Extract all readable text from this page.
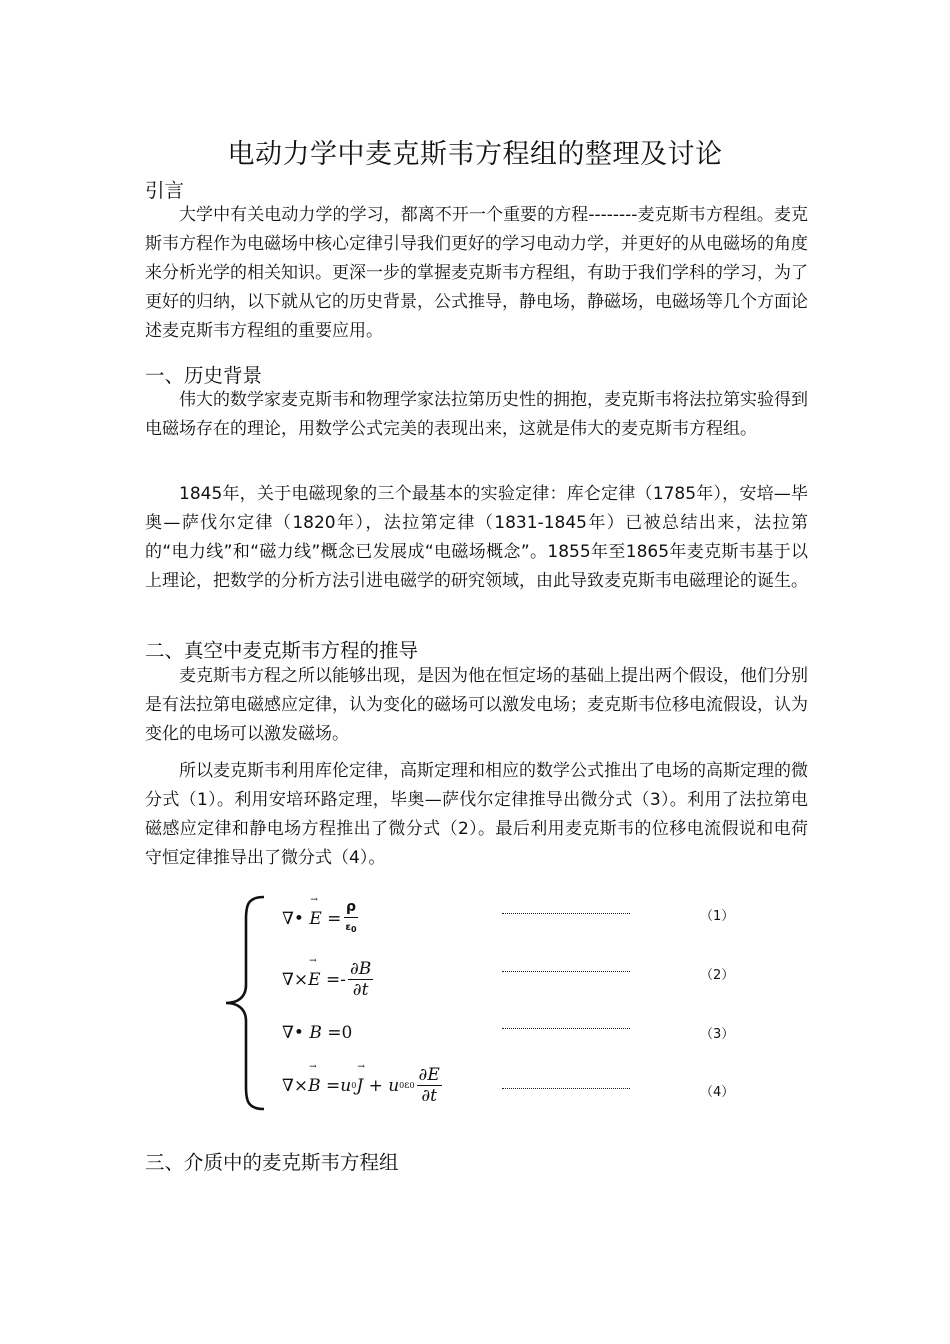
电动力学中麦克斯韦方程组的整理及讨论
引言

大学中有关电动力学的学习，都离不开一个重要的方程--------麦克斯韦方程组。麦克斯韦方程作为电磁场中核心定律引导我们更好的学习电动力学，并更好的从电磁场的角度来分析光学的相关知识。更深一步的掌握麦克斯韦方程组，有助于我们学科的学习，为了更好的归纳，以下就从它的历史背景，公式推导，静电场，静磁场，电磁场等几个方面论述麦克斯韦方程组的重要应用。

一、历史背景

伟大的数学家麦克斯韦和物理学家法拉第历史性的拥抱，麦克斯韦将法拉第实验得到电磁场存在的理论，用数学公式完美的表现出来，这就是伟大的麦克斯韦方程组。

1845年，关于电磁现象的三个最基本的实验定律：库仑定律（1785年），安培—毕奥—萨伐尔定律（1820年），法拉第定律（1831-1845年）已被总结出来，法拉第的“电力线”和“磁力线”概念已发展成“电磁场概念”。1855年至1865年麦克斯韦基于以上理论，把数学的分析方法引进电磁学的研究领域，由此导致麦克斯韦电磁理论的诞生。

二、真空中麦克斯韦方程的推导

麦克斯韦方程之所以能够出现，是因为他在恒定场的基础上提出两个假设，他们分别是有法拉第电磁感应定律，认为变化的磁场可以激发电场；麦克斯韦位移电流假设，认为变化的电场可以激发磁场。

所以麦克斯韦利用库伦定律，高斯定理和相应的数学公式推出了电场的高斯定理的微分式（1）。利用安培环路定理，毕奥—萨伐尔定律推导出微分式（3）。利用了法拉第电磁感应定律和静电场方程推出了微分式（2）。最后利用麦克斯韦的位移电流假说和电荷守恒定律推导出了微分式（4）。

∇ •
→ E
= $\frac{\rho}{\varepsilon_0}$	（1）
∇ × → E
= - $\frac{\partial B}{\partial t}$	（2）
∇ •
B
= 0	（3）
∇ × → B
= u 0 → J
+
u 0 ε $0 \frac{\partial E}{\partial t}$	（4）
三、介质中的麦克斯韦方程组
